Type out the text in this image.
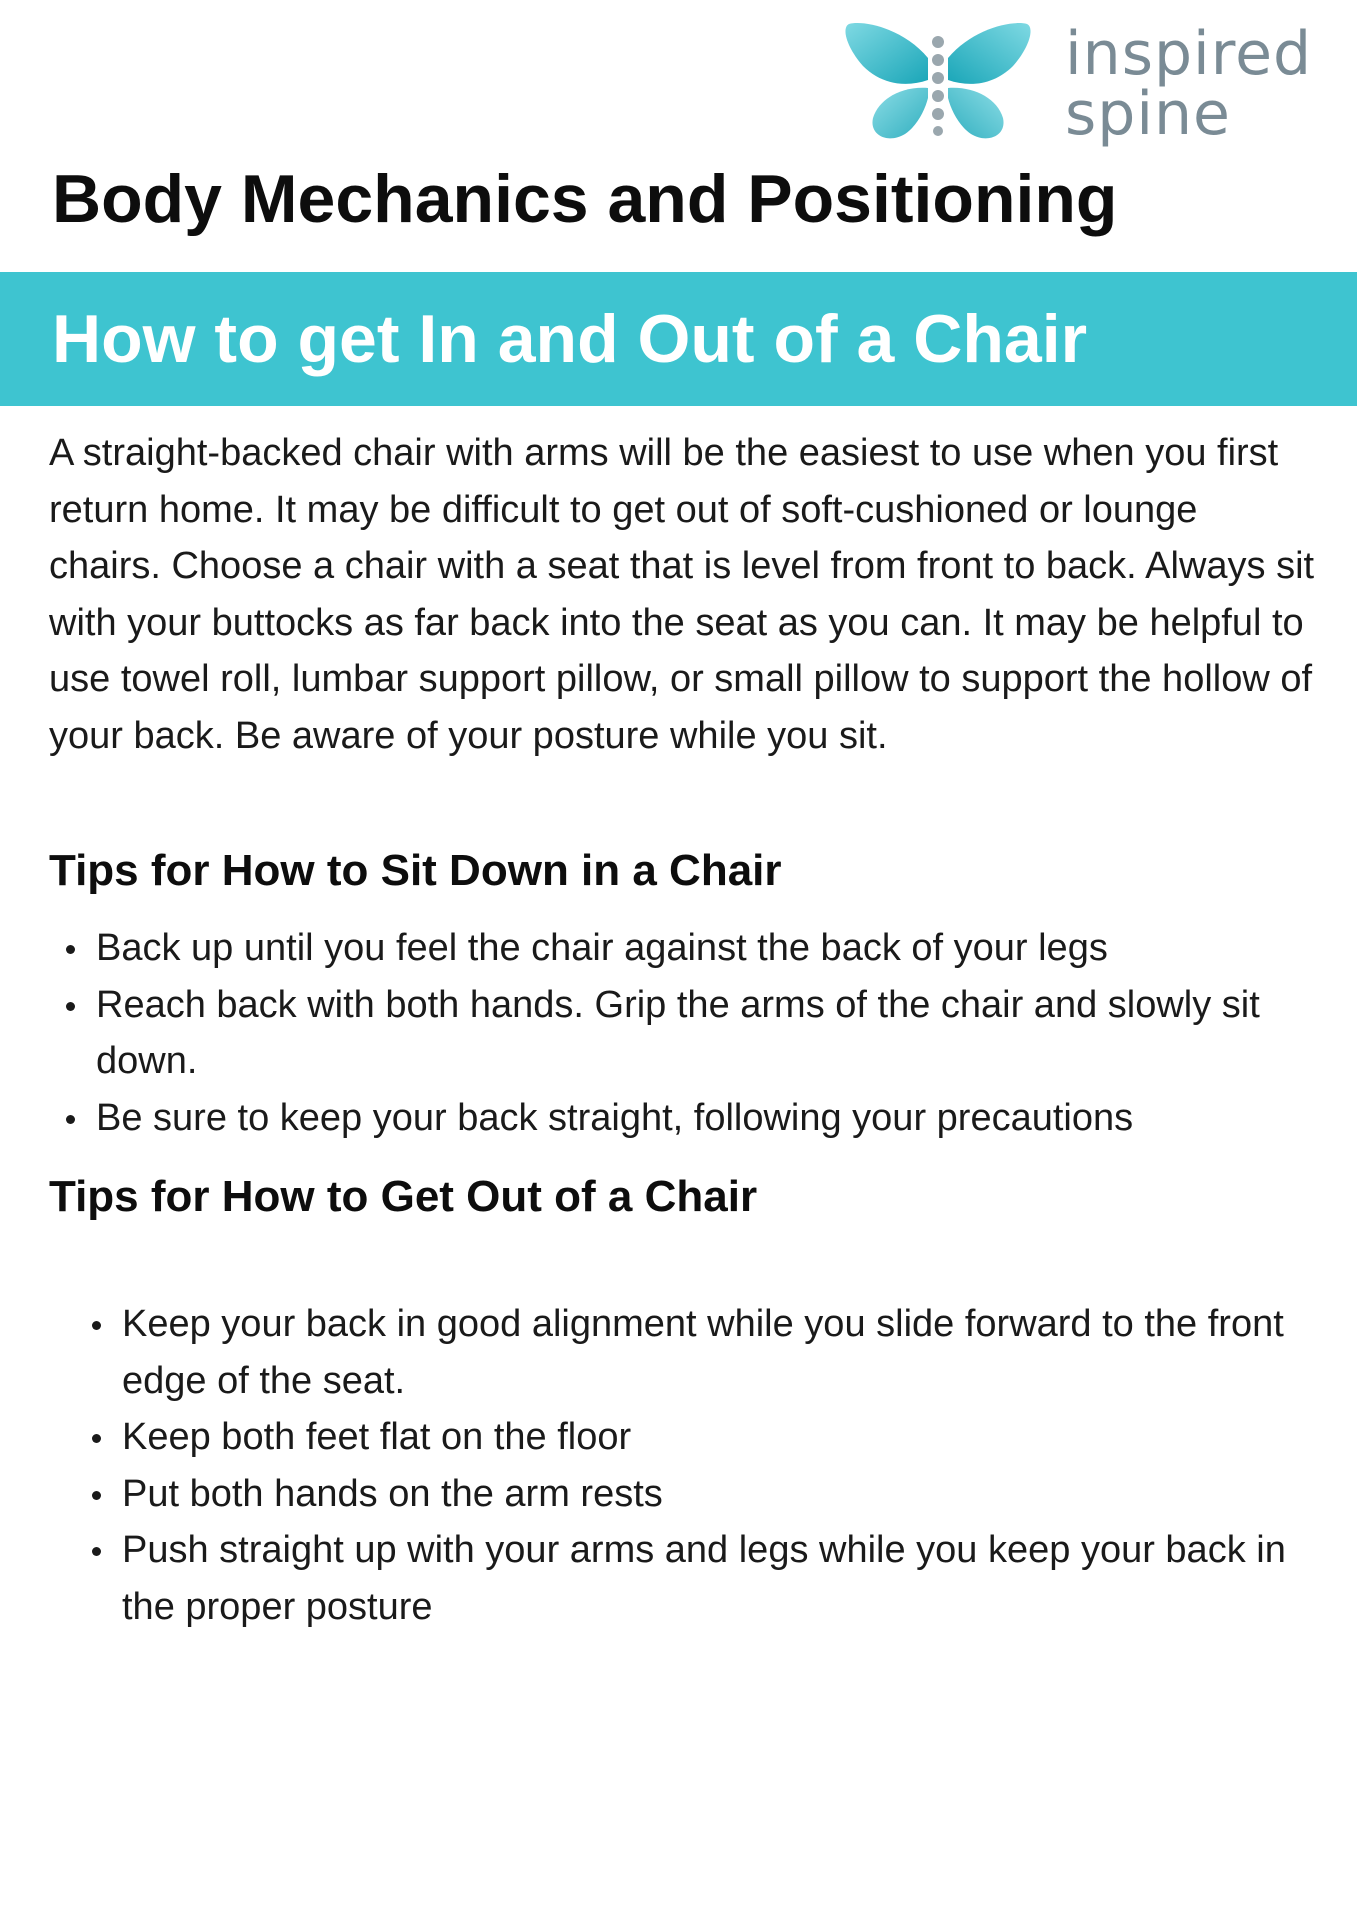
inspired
spine
Body Mechanics and Positioning
How to get In and Out of a Chair

A straight-backed chair with arms will be the easiest to use when you first return home. It may be difficult to get out of soft-cushioned or lounge chairs. Choose a chair with a seat that is level from front to back. Always sit with your buttocks as far back into the seat as you can. It may be helpful to use towel roll, lumbar support pillow, or small pillow to support the hollow of your back. Be aware of your posture while you sit.

Tips for How to Sit Down in a Chair
Back up until you feel the chair against the back of your legs
Reach back with both hands. Grip the arms of the chair and slowly sit down.
Be sure to keep your back straight, following your precautions
Tips for How to Get Out of a Chair
Keep your back in good alignment while you slide forward to the front edge of the seat.
Keep both feet flat on the floor
Put both hands on the arm rests
Push straight up with your arms and legs while you keep your back in the proper posture
